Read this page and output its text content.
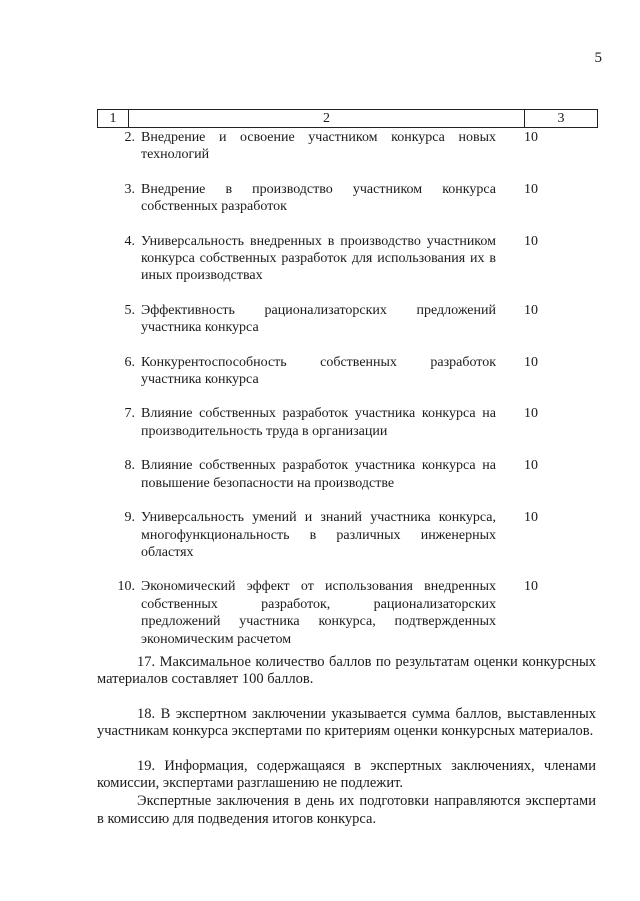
5
1	2	3
2. Внедрение и освоение участником конкурса новых технологий
10
3. Внедрение в производство участником конкурса собственных разработок
10
4. Универсальность внедренных в производство участником конкурса собственных разработок для использования их в иных производствах
10
5. Эффективность рационализаторских предложений участника конкурса
10
6. Конкурентоспособность собственных разработок участника конкурса
10
7. Влияние собственных разработок участника конкурса на производительность труда в организации
10
8. Влияние собственных разработок участника конкурса на повышение безопасности на производстве
10
9. Универсальность умений и знаний участника конкурса, многофункциональность в различных инженерных областях
10
10. Экономический эффект от использования внедренных собственных разработок, рационализаторских предложений участника конкурса, подтвержденных экономическим расчетом
10

17. Максимальное количество баллов по результатам оценки конкурсных материалов составляет 100 баллов.

18. В экспертном заключении указывается сумма баллов, выставленных участникам конкурса экспертами по критериям оценки конкурсных материалов.

19. Информация, содержащаяся в экспертных заключениях, членами комиссии, экспертами разглашению не подлежит.

Экспертные заключения в день их подготовки направляются экспертами в комиссию для подведения итогов конкурса.
